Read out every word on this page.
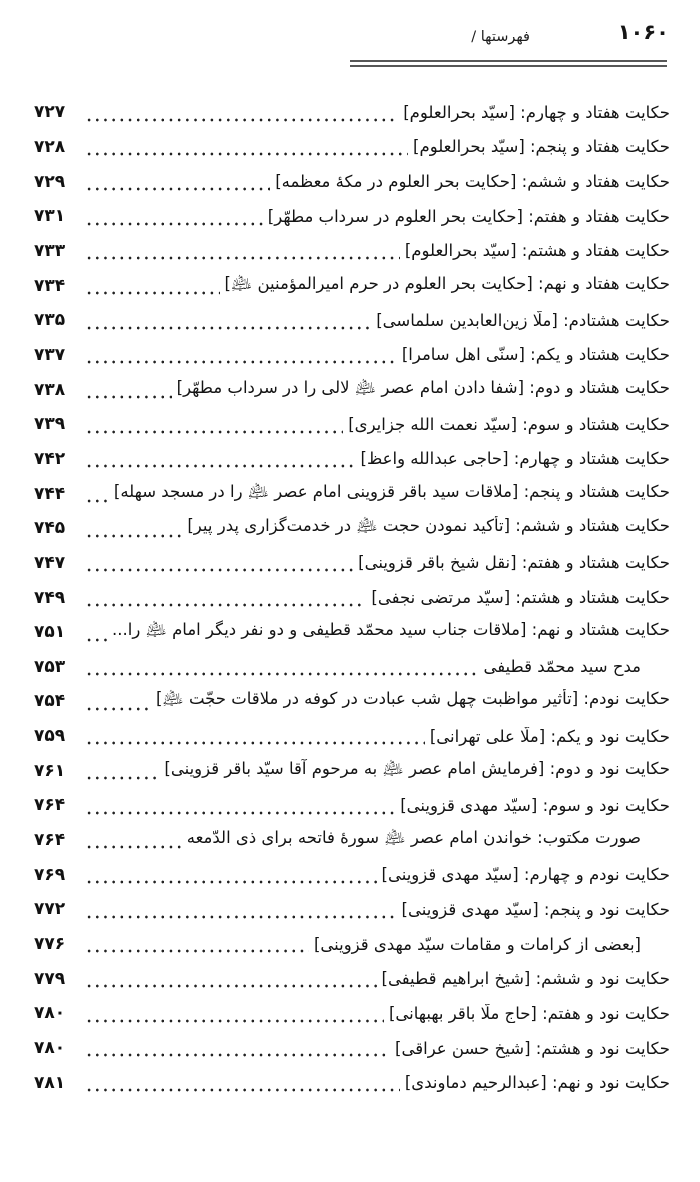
۱۰۶۰
فهرستها /
حکایت هفتاد و چهارم: [سیّد بحرالعلوم]
۷۲۷
حکایت هفتاد و پنجم: [سیّد بحرالعلوم]
۷۲۸
حکایت هفتاد و ششم: [حکایت بحر العلوم در مکهٔ معظمه]
۷۲۹
حکایت هفتاد و هفتم: [حکایت بحر العلوم در سرداب مطهّر]
۷۳۱
حکایت هفتاد و هشتم: [سیّد بحرالعلوم]
۷۳۳
حکایت هفتاد و نهم: [حکایت بحر العلوم در حرم امیرالمؤمنین ﵇]
۷۳۴
حکایت هشتادم: [ملّا زین‌العابدین سلماسی]
۷۳۵
حکایت هشتاد و یکم: [سنّی اهل سامرا]
۷۳۷
حکایت هشتاد و دوم: [شفا دادن امام عصر ﵇ لالی را در سرداب مطهّر]
۷۳۸
حکایت هشتاد و سوم: [سیّد نعمت الله جزایری]
۷۳۹
حکایت هشتاد و چهارم: [حاجی عبدالله واعظ]
۷۴۲
حکایت هشتاد و پنجم: [ملاقات سید باقر قزوینی امام عصر ﵇ را در مسجد سهله]
۷۴۴
حکایت هشتاد و ششم: [تأکید نمودن حجت ﵇ در خدمت‌گزاری پدر پیر]
۷۴۵
حکایت هشتاد و هفتم: [نقل شیخ باقر قزوینی]
۷۴۷
حکایت هشتاد و هشتم: [سیّد مرتضی نجفی]
۷۴۹
حکایت هشتاد و نهم: [ملاقات جناب سید محمّد قطیفی و دو نفر دیگر امام ﵇ را...
۷۵۱
مدح سید محمّد قطیفی
۷۵۳
حکایت نودم: [تأثیر مواظبت چهل شب عبادت در کوفه در ملاقات حجّت ﵇]
۷۵۴
حکایت نود و یکم: [ملّا علی تهرانی]
۷۵۹
حکایت نود و دوم: [فرمایش امام عصر ﵇ به مرحوم آقا سیّد باقر قزوینی]
۷۶۱
حکایت نود و سوم: [سیّد مهدی قزوینی]
۷۶۴
صورت مکتوب: خواندن امام عصر ﵇ سورهٔ فاتحه برای ذی الدّمعه
۷۶۴
حکایت نودم و چهارم: [سیّد مهدی قزوینی]
۷۶۹
حکایت نود و پنجم: [سیّد مهدی قزوینی]
۷۷۲
[بعضی از کرامات و مقامات سیّد مهدی قزوینی]
۷۷۶
حکایت نود و ششم: [شیخ ابراهیم قطیفی]
۷۷۹
حکایت نود و هفتم: [حاج ملّا باقر بهبهانی]
۷۸۰
حکایت نود و هشتم: [شیخ حسن عراقی]
۷۸۰
حکایت نود و نهم: [عبدالرحیم دماوندی]
۷۸۱
